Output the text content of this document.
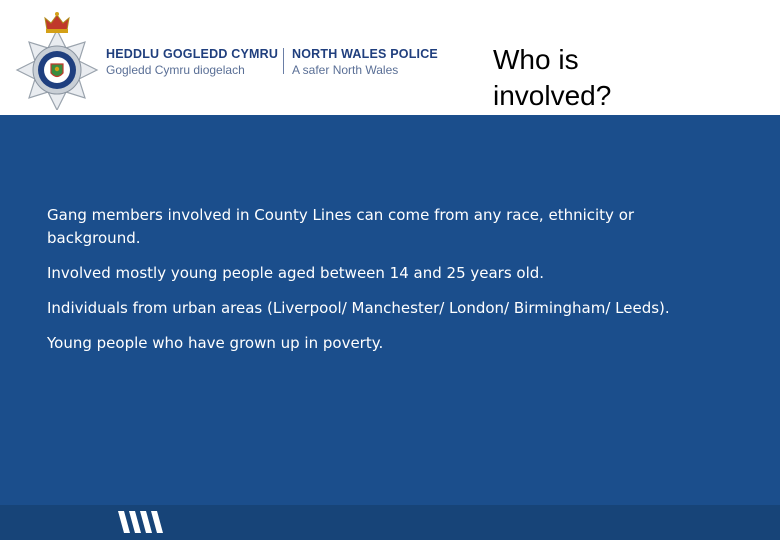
HEDDLU GOGLEDD CYMRU
Gogledd Cymru diogelach
NORTH WALES POLICE
A safer North Wales	Who is involved?

Gang members involved in County Lines can come from any race, ethnicity or background.

Involved mostly young people aged between 14 and 25 years old.

Individuals from urban areas (Liverpool/ Manchester/ London/ Birmingham/ Leeds).

Young people who have grown up in poverty.
